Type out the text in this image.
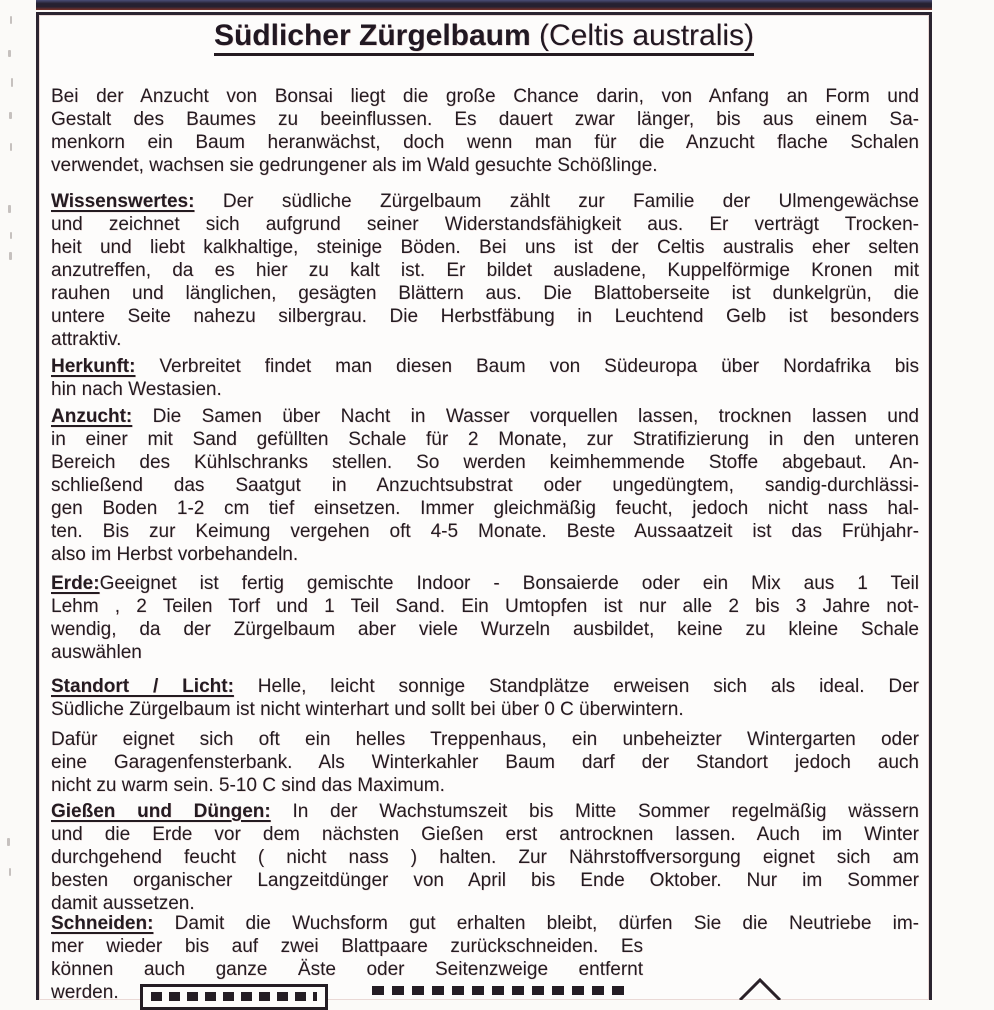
Südlicher Zürgelbaum (Celtis australis)
Bei der Anzucht von Bonsai liegt die große Chance darin, von Anfang an Form und
Gestalt des Baumes zu beeinflussen. Es dauert zwar länger, bis aus einem Sa-
menkorn ein Baum heranwächst, doch wenn man für die Anzucht flache Schalen
verwendet, wachsen sie gedrungener als im Wald gesuchte Schößlinge.
Wissenswertes: Der südliche Zürgelbaum zählt zur Familie der Ulmengewächse
und zeichnet sich aufgrund seiner Widerstandsfähigkeit aus. Er verträgt Trocken-
heit und liebt kalkhaltige, steinige Böden. Bei uns ist der Celtis australis eher selten
anzutreffen, da es hier zu kalt ist. Er bildet ausladene, Kuppelförmige Kronen mit
rauhen und länglichen, gesägten Blättern aus. Die Blattoberseite ist dunkelgrün, die
untere Seite nahezu silbergrau. Die Herbstfäbung in Leuchtend Gelb ist besonders
attraktiv.
Herkunft: Verbreitet findet man diesen Baum von Südeuropa über Nordafrika bis
hin nach Westasien.
Anzucht: Die Samen über Nacht in Wasser vorquellen lassen, trocknen lassen und
in einer mit Sand gefüllten Schale für 2 Monate, zur Stratifizierung in den unteren
Bereich des Kühlschranks stellen. So werden keimhemmende Stoffe abgebaut. An-
schließend das Saatgut in Anzuchtsubstrat oder ungedüngtem, sandig-durchlässi-
gen Boden 1-2 cm tief einsetzen. Immer gleichmäßig feucht, jedoch nicht nass hal-
ten. Bis zur Keimung vergehen oft 4-5 Monate. Beste Aussaatzeit ist das Frühjahr-
also im Herbst vorbehandeln.
Erde:Geeignet ist fertig gemischte Indoor - Bonsaierde oder ein Mix aus 1 Teil
Lehm , 2 Teilen Torf und 1 Teil Sand. Ein Umtopfen ist nur alle 2 bis 3 Jahre not-
wendig, da der Zürgelbaum aber viele Wurzeln ausbildet, keine zu kleine Schale
auswählen
Standort / Licht: Helle, leicht sonnige Standplätze erweisen sich als ideal. Der
Südliche Zürgelbaum ist nicht winterhart und sollt bei über 0 C überwintern.
Dafür eignet sich oft ein helles Treppenhaus, ein unbeheizter Wintergarten oder
eine Garagenfensterbank. Als Winterkahler Baum darf der Standort jedoch auch
nicht zu warm sein. 5-10 C sind das Maximum.
Gießen und Düngen: In der Wachstumszeit bis Mitte Sommer regelmäßig wässern
und die Erde vor dem nächsten Gießen erst antrocknen lassen. Auch im Winter
durchgehend feucht ( nicht nass ) halten. Zur Nährstoffversorgung eignet sich am
besten organischer Langzeitdünger von April bis Ende Oktober. Nur im Sommer
damit aussetzen.
Schneiden: Damit die Wuchsform gut erhalten bleibt, dürfen Sie die Neutriebe im-
mer wieder bis auf zwei Blattpaare zurückschneiden. Es
können auch ganze Äste oder Seitenzweige entfernt
werden.
